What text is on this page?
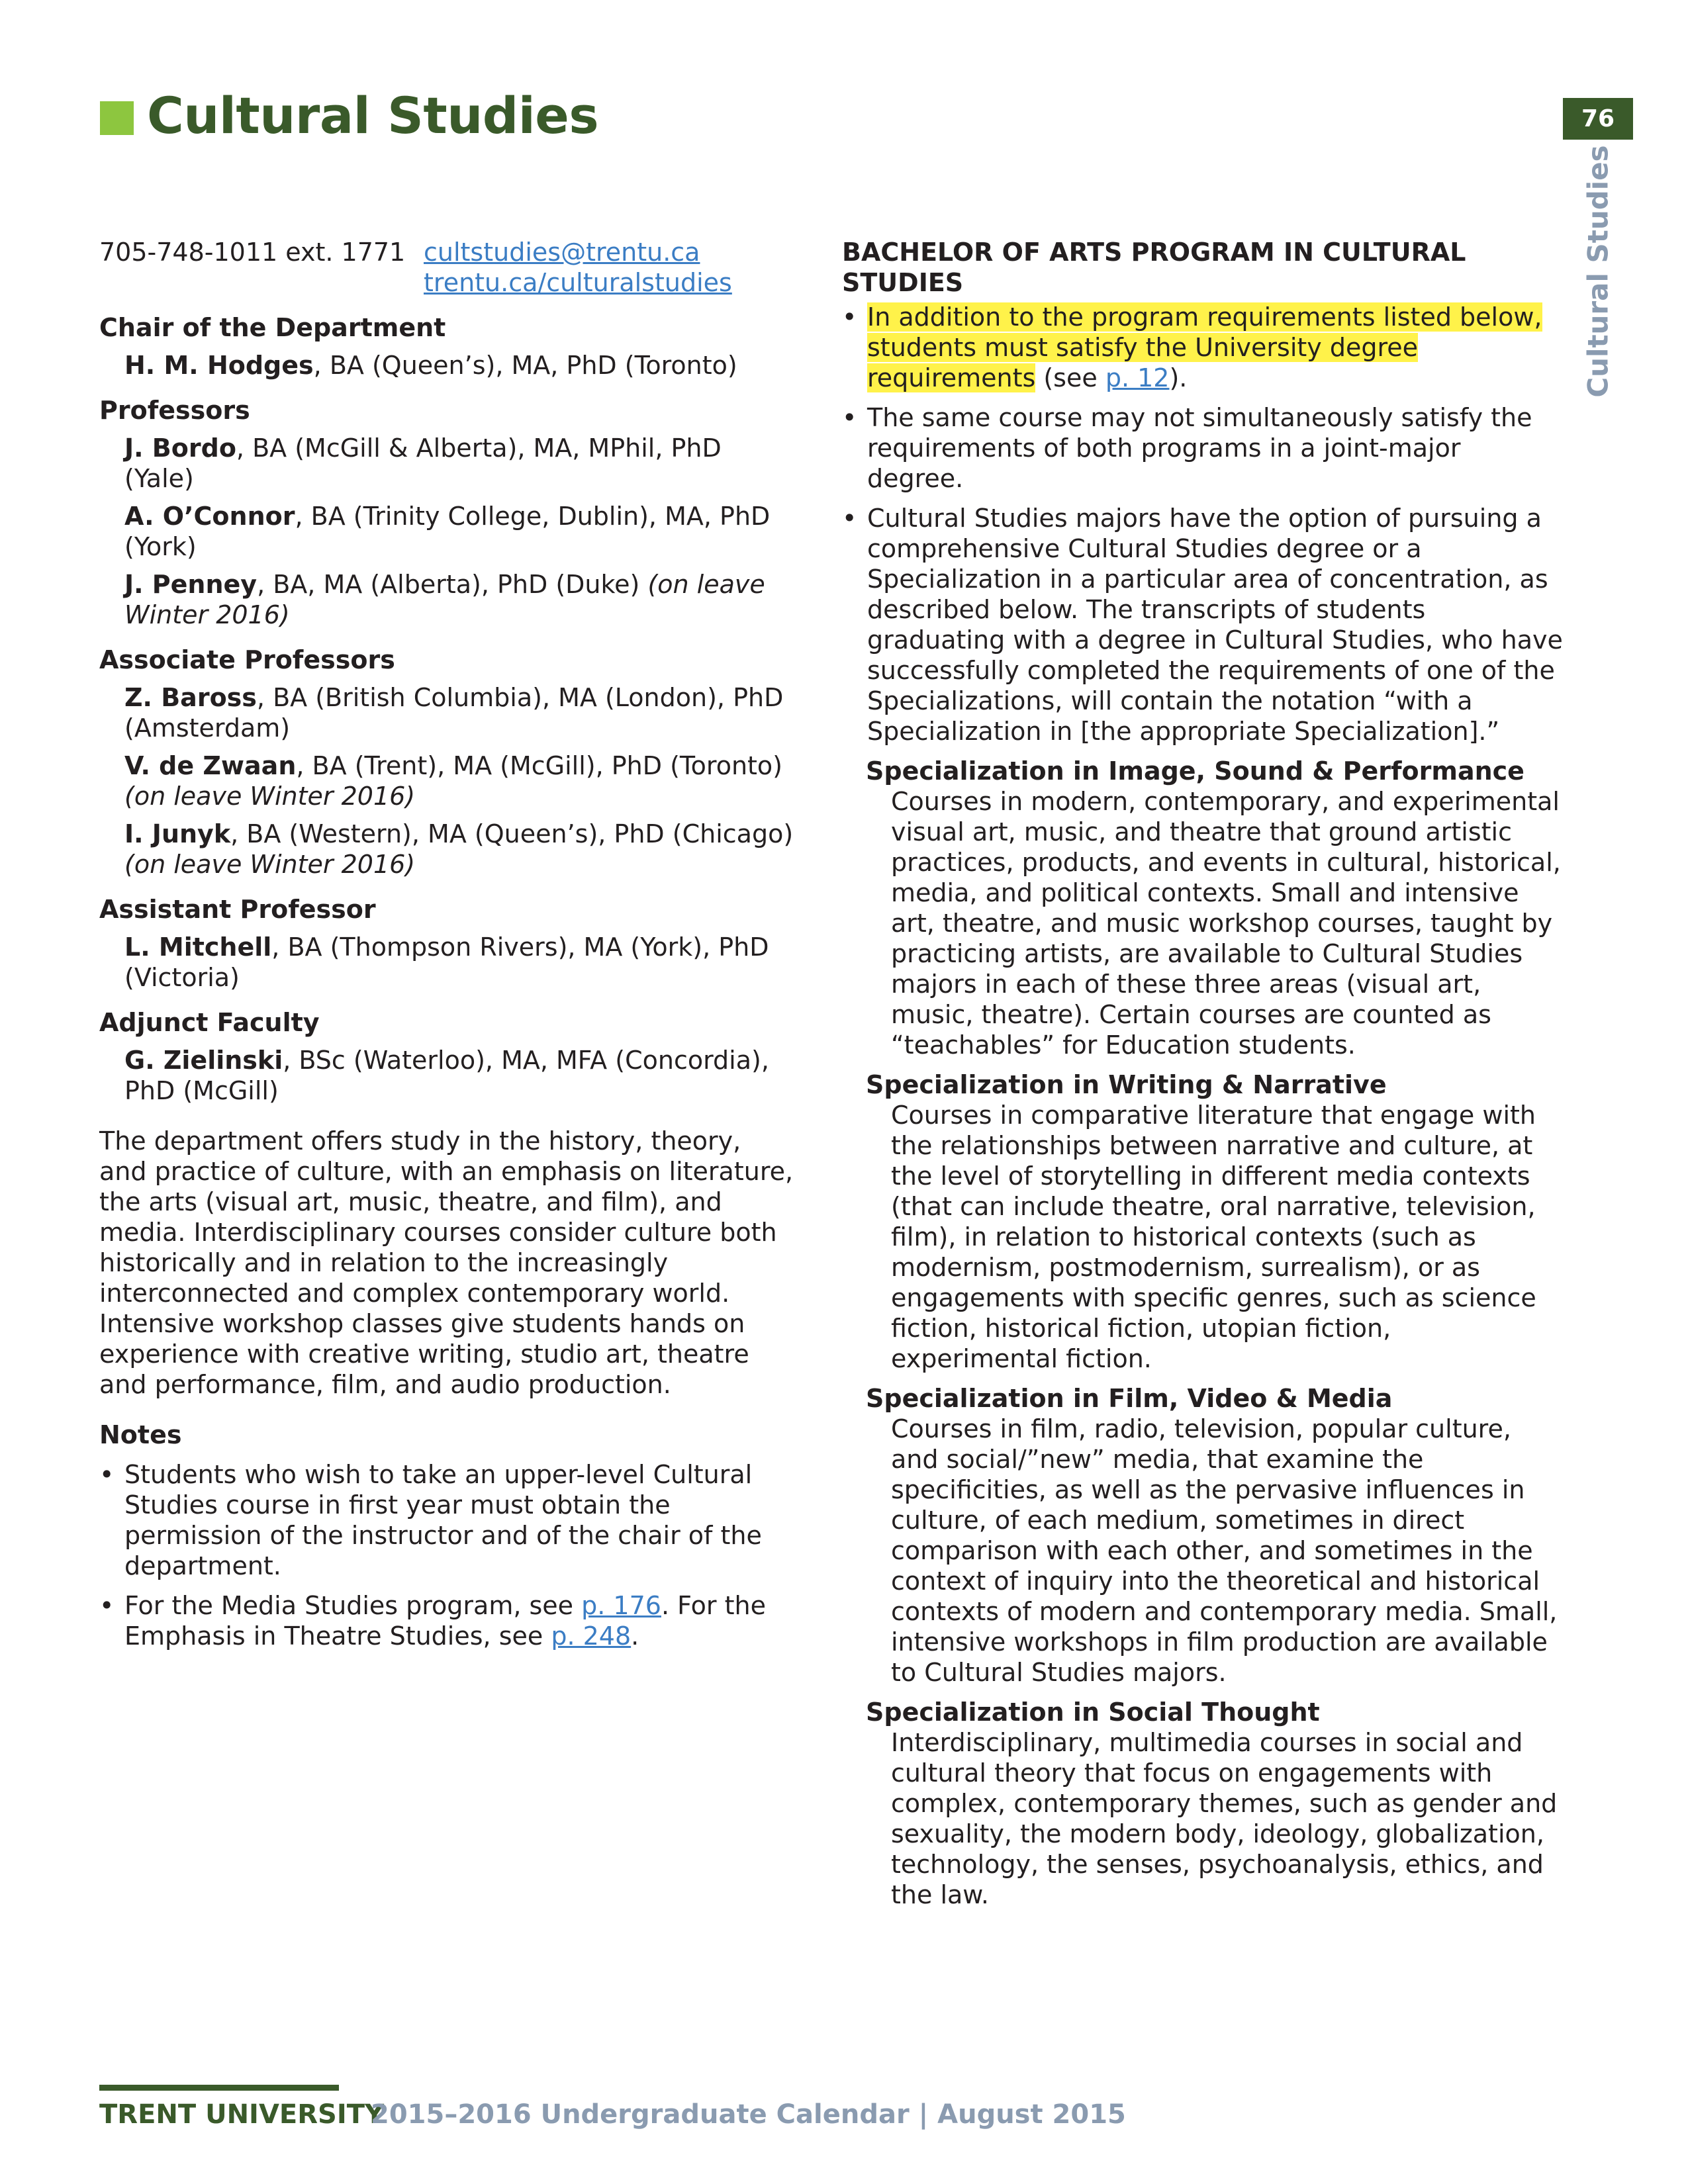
Cultural Studies	76
Cultural Studies
705-748-1011 ext. 1771 cultstudies@trentu.ca
trentu.ca/culturalstudies
Chair of the Department
H. M. Hodges, BA (Queen’s), MA, PhD (Toronto)
Professors
J. Bordo, BA (McGill & Alberta), MA, MPhil, PhD (Yale)
A. O’Connor, BA (Trinity College, Dublin), MA, PhD (York)
J. Penney, BA, MA (Alberta), PhD (Duke) (on leave Winter 2016)
Associate Professors
Z. Baross, BA (British Columbia), MA (London), PhD (Amsterdam)
V. de Zwaan, BA (Trent), MA (McGill), PhD (Toronto) (on leave Winter 2016)
I. Junyk, BA (Western), MA (Queen’s), PhD (Chicago) (on leave Winter 2016)
Assistant Professor
L. Mitchell, BA (Thompson Rivers), MA (York), PhD (Victoria)
Adjunct Faculty
G. Zielinski, BSc (Waterloo), MA, MFA (Concordia), PhD (McGill)
The department offers study in the history, theory, and practice of culture, with an emphasis on literature, the arts (visual art, music, theatre, and film), and media. Interdisciplinary courses consider culture both historically and in relation to the increasingly interconnected and complex contemporary world. Intensive workshop classes give students hands on experience with creative writing, studio art, theatre and performance, film, and audio production.
Notes
• Students who wish to take an upper-level Cultural Studies course in first year must obtain the permission of the instructor and of the chair of the department.
• For the Media Studies program, see p. 176. For the Emphasis in Theatre Studies, see p. 248.
BACHELOR OF ARTS PROGRAM IN CULTURAL STUDIES
• In addition to the program requirements listed below, students must satisfy the University degree requirements (see p. 12).
• The same course may not simultaneously satisfy the requirements of both programs in a joint-major degree.
• Cultural Studies majors have the option of pursuing a comprehensive Cultural Studies degree or a Specialization in a particular area of concentration, as described below. The transcripts of students graduating with a degree in Cultural Studies, who have successfully completed the requirements of one of the Specializations, will contain the notation “with a Specialization in [the appropriate Specialization].”
Specialization in Image, Sound & Performance
Courses in modern, contemporary, and experimental visual art, music, and theatre that ground artistic practices, products, and events in cultural, historical, media, and political contexts. Small and intensive art, theatre, and music workshop courses, taught by practicing artists, are available to Cultural Studies majors in each of these three areas (visual art, music, theatre). Certain courses are counted as “teachables” for Education students.
Specialization in Writing & Narrative
Courses in comparative literature that engage with the relationships between narrative and culture, at the level of storytelling in different media contexts (that can include theatre, oral narrative, television, film), in relation to historical contexts (such as modernism, postmodernism, surrealism), or as engagements with specific genres, such as science fiction, historical fiction, utopian fiction, experimental fiction.
Specialization in Film, Video & Media
Courses in film, radio, television, popular culture, and social/”new” media, that examine the specificities, as well as the pervasive influences in culture, of each medium, sometimes in direct comparison with each other, and sometimes in the context of inquiry into the theoretical and historical contexts of modern and contemporary media. Small, intensive workshops in film production are available to Cultural Studies majors.
Specialization in Social Thought
Interdisciplinary, multimedia courses in social and cultural theory that focus on engagements with complex, contemporary themes, such as gender and sexuality, the modern body, ideology, globalization, technology, the senses, psychoanalysis, ethics, and the law.
TRENT UNIVERSITY
2015–2016 Undergraduate Calendar | August 2015
